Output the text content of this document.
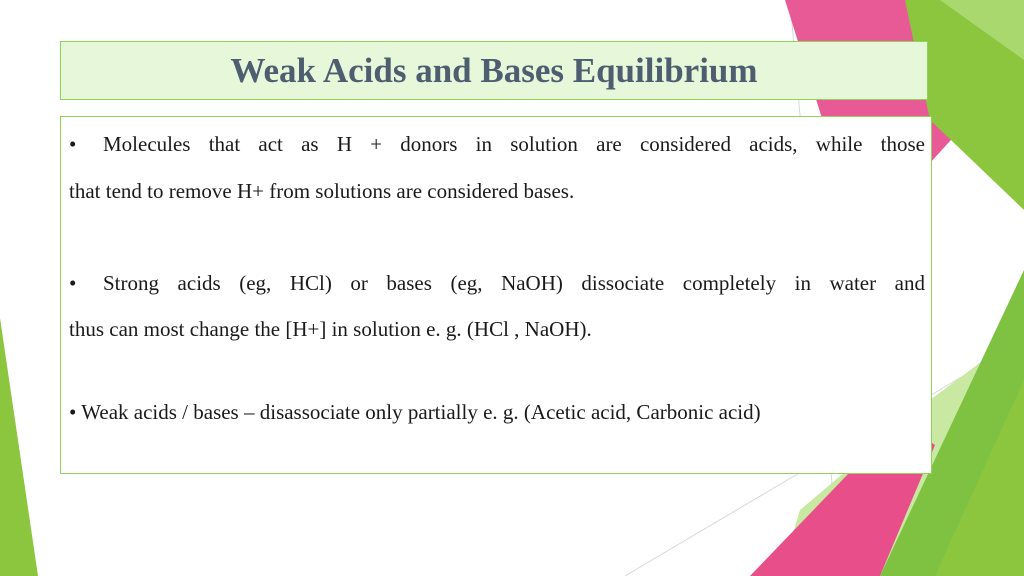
Weak Acids and Bases Equilibrium
•	Molecules that act as H + donors in solution are considered acids, while those
that tend to remove H+ from solutions are considered bases.
•	Strong acids (eg, HCl) or bases (eg, NaOH) dissociate completely in water and
thus can most change the [H+] in solution e. g. (HCl , NaOH).
• Weak acids / bases – disassociate only partially e. g. (Acetic acid, Carbonic acid)
